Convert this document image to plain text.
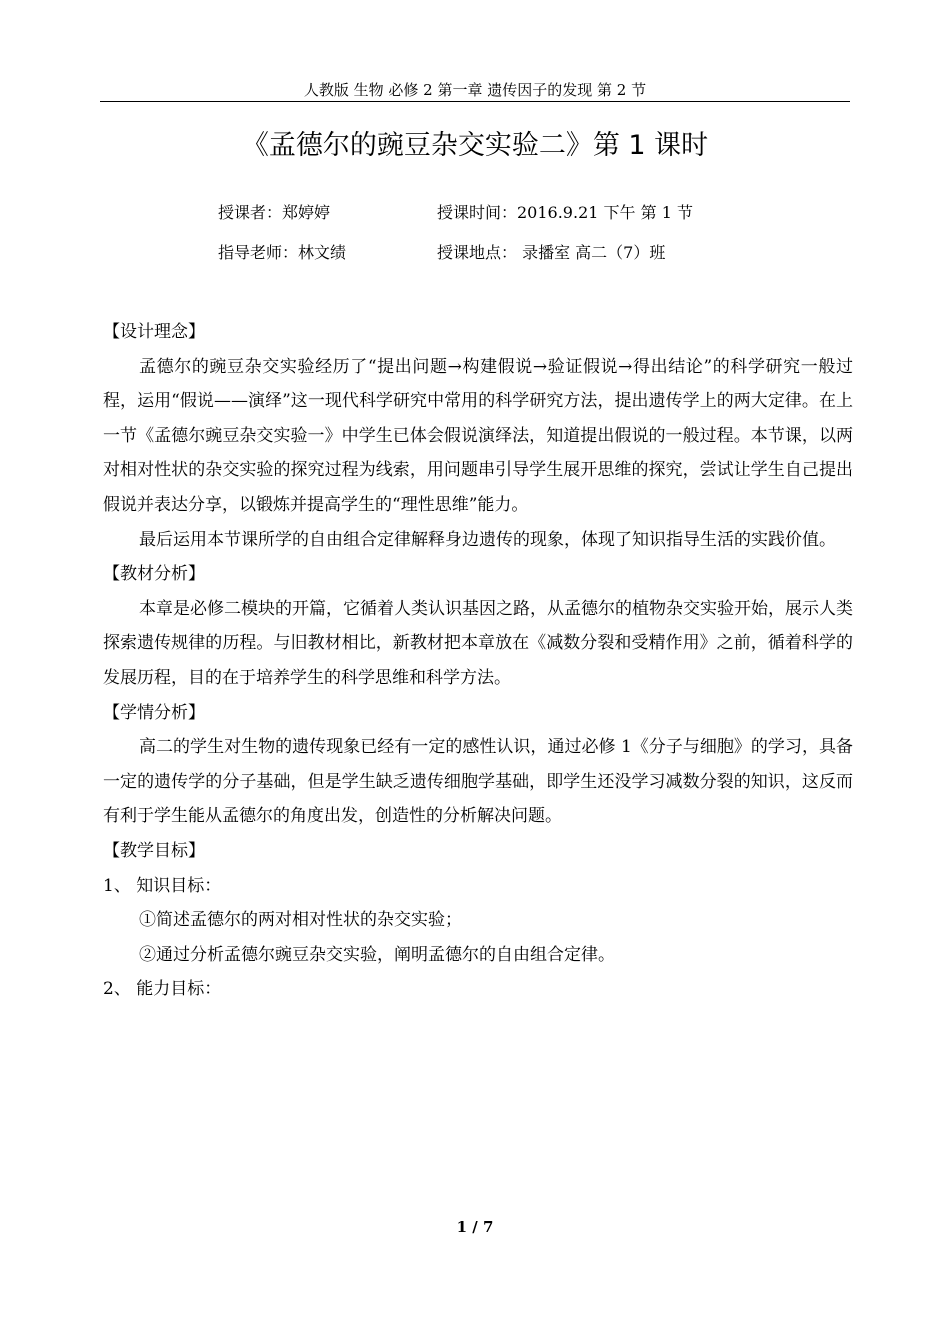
人教版 生物 必修 2 第一章 遗传因子的发现 第 2 节
《孟德尔的豌豆杂交实验二》第 1 课时
授课者：郑婷婷	授课时间：2016.9.21 下午 第 1 节
指导老师：林文绩	授课地点： 录播室 高二（7）班

【设计理念】

孟德尔的豌豆杂交实验经历了“提出问题→构建假说→验证假说→得出结论”的科学研究一般过程，运用“假说——演绎”这一现代科学研究中常用的科学研究方法，提出遗传学上的两大定律。在上一节《孟德尔豌豆杂交实验一》中学生已体会假说演绎法，知道提出假说的一般过程。本节课，以两对相对性状的杂交实验的探究过程为线索，用问题串引导学生展开思维的探究，尝试让学生自己提出假说并表达分享，以锻炼并提高学生的“理性思维”能力。

最后运用本节课所学的自由组合定律解释身边遗传的现象，体现了知识指导生活的实践价值。

【教材分析】

本章是必修二模块的开篇，它循着人类认识基因之路，从孟德尔的植物杂交实验开始，展示人类探索遗传规律的历程。与旧教材相比，新教材把本章放在《减数分裂和受精作用》之前，循着科学的发展历程，目的在于培养学生的科学思维和科学方法。

【学情分析】

高二的学生对生物的遗传现象已经有一定的感性认识，通过必修 1《分子与细胞》的学习，具备一定的遗传学的分子基础，但是学生缺乏遗传细胞学基础，即学生还没学习减数分裂的知识，这反而有利于学生能从孟德尔的角度出发，创造性的分析解决问题。

【教学目标】

1、 知识目标：

①简述孟德尔的两对相对性状的杂交实验；

②通过分析孟德尔豌豆杂交实验，阐明孟德尔的自由组合定律。

2、 能力目标：

1 / 7
